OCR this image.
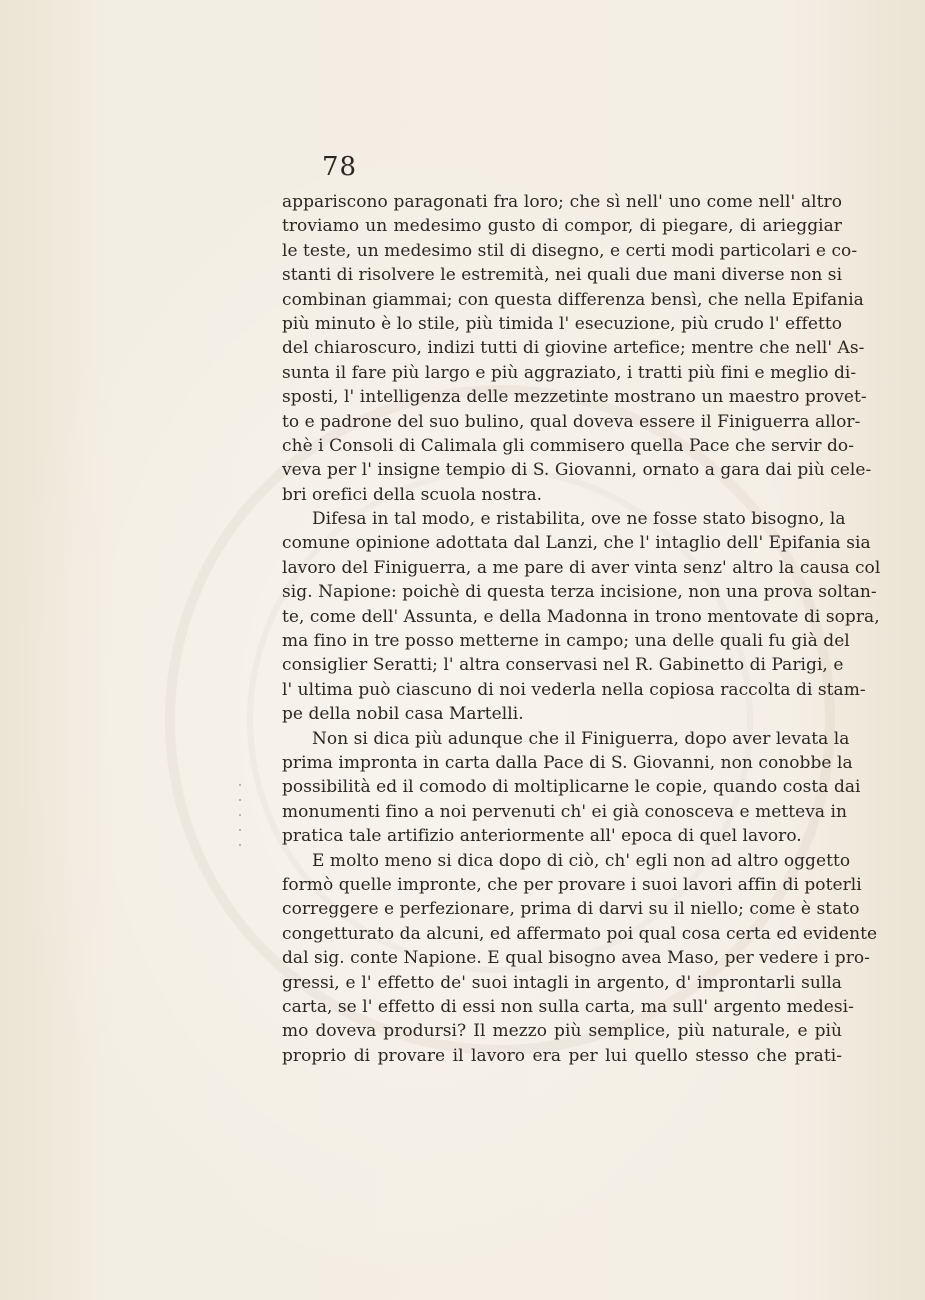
78
appariscono paragonati fra loro; che sì nell' uno come nell' altro
troviamo un medesimo gusto di compor, di piegare, di arieggiar
le teste, un medesimo stil di disegno, e certi modi particolari e co-
stanti di risolvere le estremità, nei quali due mani diverse non si
combinan giammai; con questa differenza bensì, che nella Epifania
più minuto è lo stile, più timida l' esecuzione, più crudo l' effetto
del chiaroscuro, indizi tutti di giovine artefice; mentre che nell' As-
sunta il fare più largo e più aggraziato, i tratti più fini e meglio di-
sposti, l' intelligenza delle mezzetinte mostrano un maestro provet-
to e padrone del suo bulino, qual doveva essere il Finiguerra allor-
chè i Consoli di Calimala gli commisero quella Pace che servir do-
veva per l' insigne tempio di S. Giovanni, ornato a gara dai più cele-
bri orefici della scuola nostra.
Difesa in tal modo, e ristabilita, ove ne fosse stato bisogno, la
comune opinione adottata dal Lanzi, che l' intaglio dell' Epifania sia
lavoro del Finiguerra, a me pare di aver vinta senz' altro la causa col
sig. Napione: poichè di questa terza incisione, non una prova soltan-
te, come dell' Assunta, e della Madonna in trono mentovate di sopra,
ma fino in tre posso metterne in campo; una delle quali fu già del
consiglier Seratti; l' altra conservasi nel R. Gabinetto di Parigi, e
l' ultima può ciascuno di noi vederla nella copiosa raccolta di stam-
pe della nobil casa Martelli.
Non si dica più adunque che il Finiguerra, dopo aver levata la
prima impronta in carta dalla Pace di S. Giovanni, non conobbe la
possibilità ed il comodo di moltiplicarne le copie, quando costa dai
monumenti fino a noi pervenuti ch' ei già conosceva e metteva in
pratica tale artifizio anteriormente all' epoca di quel lavoro.
E molto meno si dica dopo di ciò, ch' egli non ad altro oggetto
formò quelle impronte, che per provare i suoi lavori affin di poterli
correggere e perfezionare, prima di darvi su il niello; come è stato
congetturato da alcuni, ed affermato poi qual cosa certa ed evidente
dal sig. conte Napione. E qual bisogno avea Maso, per vedere i pro-
gressi, e l' effetto de' suoi intagli in argento, d' improntarli sulla
carta, se l' effetto di essi non sulla carta, ma sull' argento medesi-
mo doveva prodursi? Il mezzo più semplice, più naturale, e più
proprio di provare il lavoro era per lui quello stesso che prati-
